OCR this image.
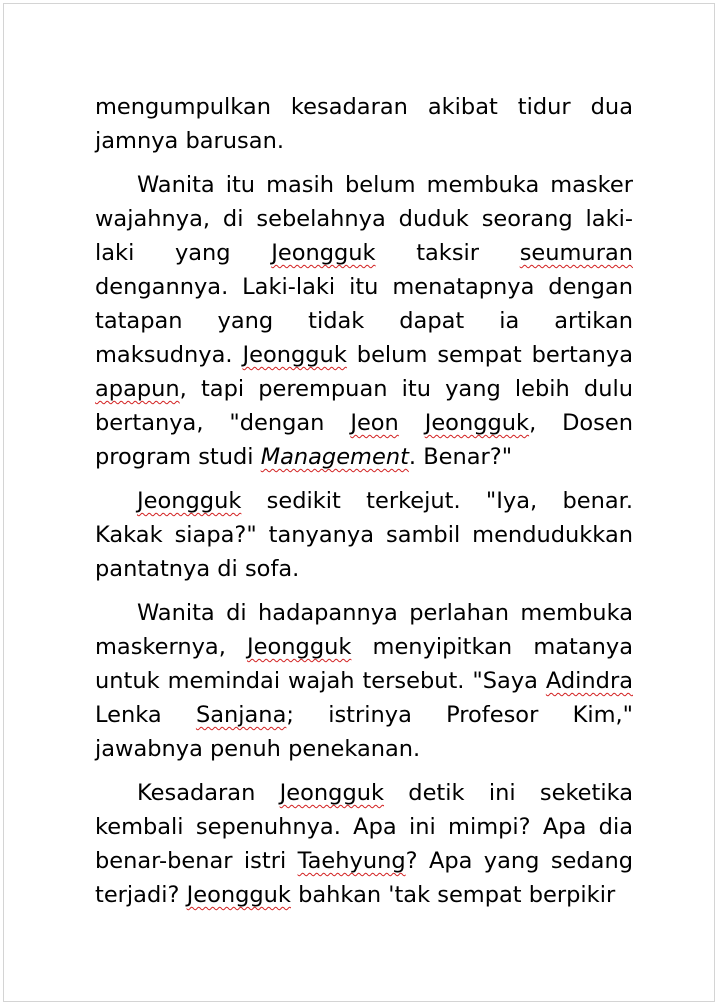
mengumpulkan kesadaran akibat tidur dua jamnya barusan.

Wanita itu masih belum membuka masker wajahnya, di sebelahnya duduk seorang laki-laki yang Jeongguk taksir seumuran dengannya. Laki-laki itu menatapnya dengan tatapan yang tidak dapat ia artikan maksudnya. Jeongguk belum sempat bertanya apapun, tapi perempuan itu yang lebih dulu bertanya, "dengan Jeon Jeongguk, Dosen program studi Management. Benar?"

Jeongguk sedikit terkejut. "Iya, benar. Kakak siapa?" tanyanya sambil mendudukkan pantatnya di sofa.

Wanita di hadapannya perlahan membuka maskernya, Jeongguk menyipitkan matanya untuk memindai wajah tersebut. "Saya Adindra Lenka Sanjana; istrinya Profesor Kim," jawabnya penuh penekanan.

Kesadaran Jeongguk detik ini seketika kembali sepenuhnya. Apa ini mimpi? Apa dia benar-benar istri Taehyung? Apa yang sedang terjadi? Jeongguk bahkan 'tak sempat berpikir
